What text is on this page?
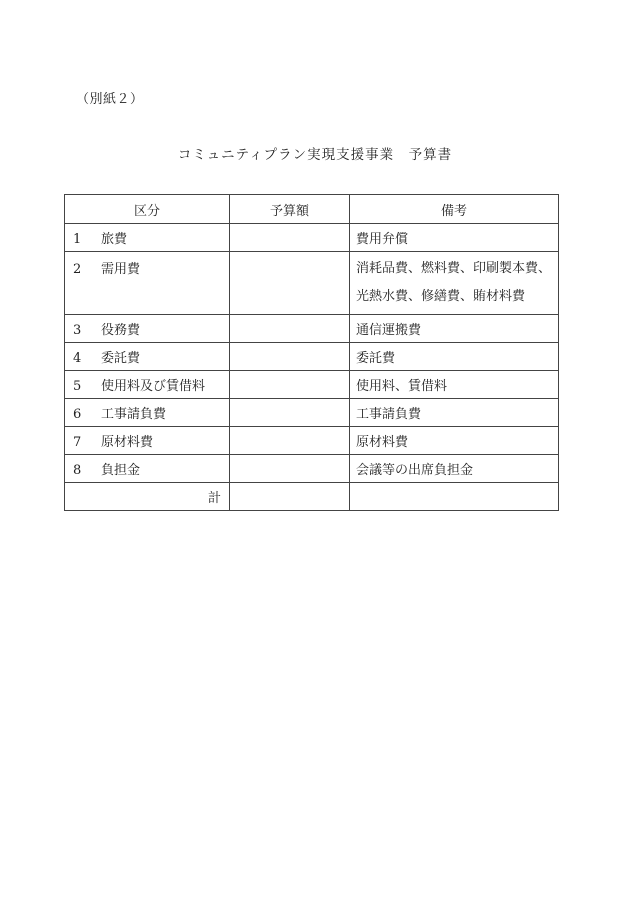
（別紙２）
コミュニティプラン実現支援事業　予算書
区分	予算額	備考
1 旅費		費用弁償
2 需用費		消耗品費、燃料費、印刷製本費、
光熱水費、修繕費、賄材料費

3 役務費		通信運搬費
4 委託費		委託費
5 使用料及び賃借料		使用料、賃借料
6 工事請負費		工事請負費
7 原材料費		原材料費
8 負担金		会議等の出席負担金
計		
